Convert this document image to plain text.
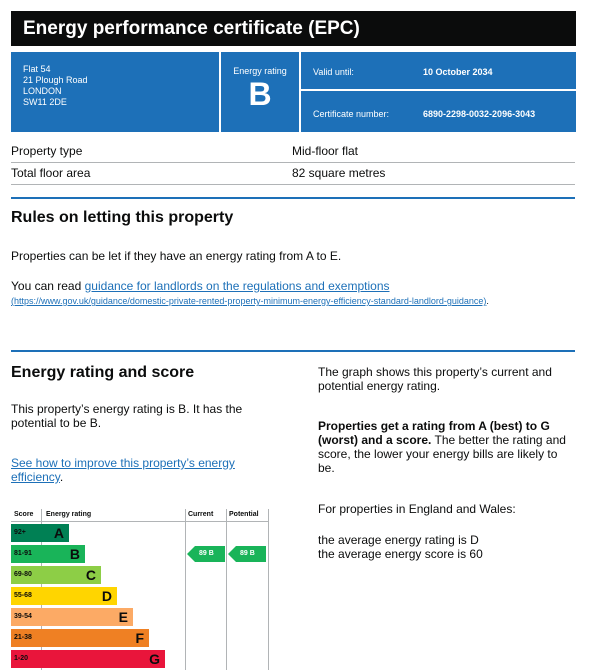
Energy performance certificate (EPC)
Flat 54
21 Plough Road
LONDON
SW11 2DE
Energy rating
B
Valid until:	10 October 2034
Certificate number:	6890-2298-0032-2096-3043
Property type	Mid-floor flat
Total floor area	82 square metres
Rules on letting this property
Properties can be let if they have an energy rating from A to E.
You can read guidance for landlords on the regulations and exemptions
(https://www.gov.uk/guidance/domestic-private-rented-property-minimum-energy-efficiency-standard-landlord-guidance).
Energy rating and score
This property’s energy rating is B. It has the potential to be B.
See how to improve this property’s energy efficiency.
The graph shows this property’s current and potential energy rating.
Properties get a rating from A (best) to G (worst) and a score. The better the rating and score, the lower your energy bills are likely to be.
For properties in England and Wales:
the average energy rating is D
the average energy score is 60
Score Energy rating	Current Potential
92+	A
81-91	B
69-80	C
55-68	D
39-54	E
21-38	F
1-20	G
89 B	89 B
